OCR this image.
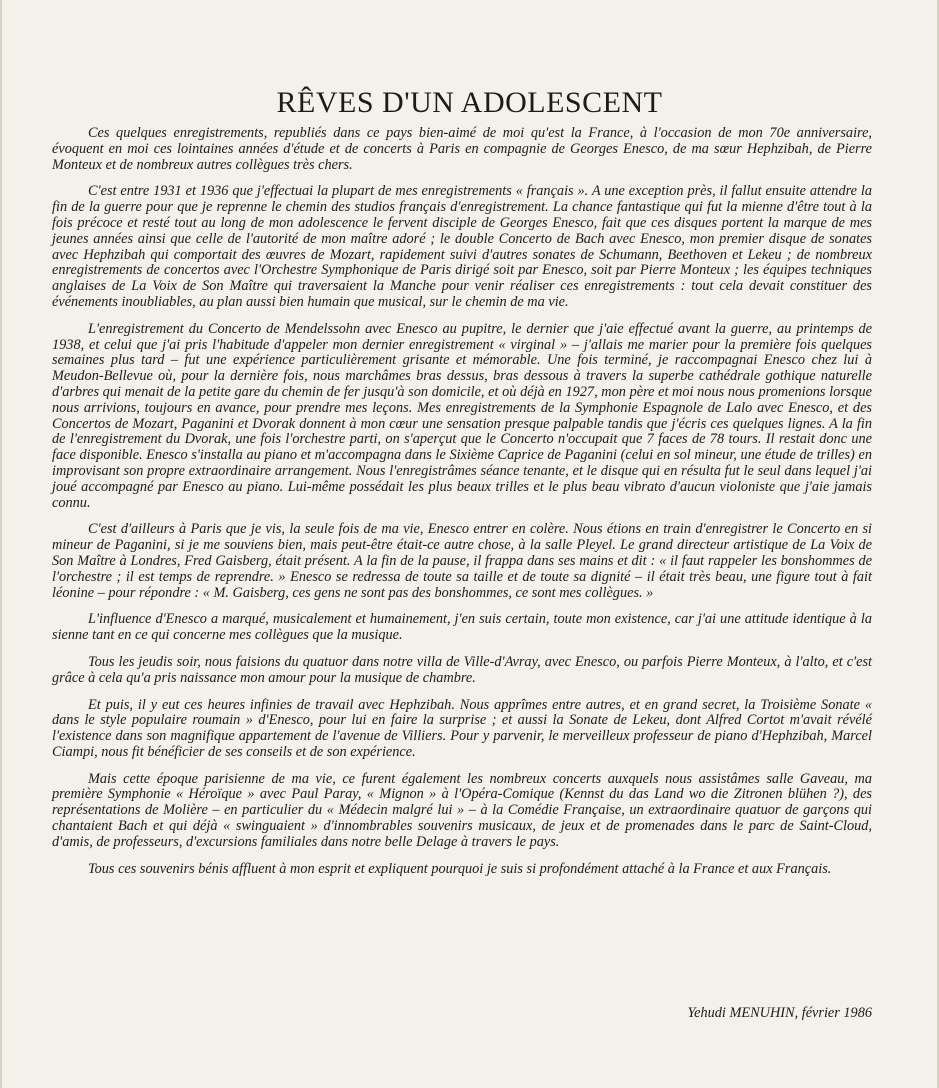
RÊVES D'UN ADOLESCENT

Ces quelques enregistrements, republiés dans ce pays bien-aimé de moi qu'est la France, à l'occasion de mon 70e anniversaire, évoquent en moi ces lointaines années d'étude et de concerts à Paris en compagnie de Georges Enesco, de ma sœur Hephzibah, de Pierre Monteux et de nombreux autres collègues très chers.

C'est entre 1931 et 1936 que j'effectuai la plupart de mes enregistrements « français ». A une exception près, il fallut ensuite attendre la fin de la guerre pour que je reprenne le chemin des studios français d'enregistrement. La chance fantastique qui fut la mienne d'être tout à la fois précoce et resté tout au long de mon adolescence le fervent disciple de Georges Enesco, fait que ces disques portent la marque de mes jeunes années ainsi que celle de l'autorité de mon maître adoré ; le double Concerto de Bach avec Enesco, mon premier disque de sonates avec Hephzibah qui comportait des œuvres de Mozart, rapidement suivi d'autres sonates de Schumann, Beethoven et Lekeu ; de nombreux enregistrements de concertos avec l'Orchestre Symphonique de Paris dirigé soit par Enesco, soit par Pierre Monteux ; les équipes techniques anglaises de La Voix de Son Maître qui traversaient la Manche pour venir réaliser ces enregistrements : tout cela devait constituer des événements inoubliables, au plan aussi bien humain que musical, sur le chemin de ma vie.

L'enregistrement du Concerto de Mendelssohn avec Enesco au pupitre, le dernier que j'aie effectué avant la guerre, au printemps de 1938, et celui que j'ai pris l'habitude d'appeler mon dernier enregistrement « virginal » – j'allais me marier pour la première fois quelques semaines plus tard – fut une expérience particulièrement grisante et mémorable. Une fois terminé, je raccompagnai Enesco chez lui à Meudon-Bellevue où, pour la dernière fois, nous marchâmes bras dessus, bras dessous à travers la superbe cathédrale gothique naturelle d'arbres qui menait de la petite gare du chemin de fer jusqu'à son domicile, et où déjà en 1927, mon père et moi nous nous promenions lorsque nous arrivions, toujours en avance, pour prendre mes leçons. Mes enregistrements de la Symphonie Espagnole de Lalo avec Enesco, et des Concertos de Mozart, Paganini et Dvorak donnent à mon cœur une sensation presque palpable tandis que j'écris ces quelques lignes. A la fin de l'enregistrement du Dvorak, une fois l'orchestre parti, on s'aperçut que le Concerto n'occupait que 7 faces de 78 tours. Il restait donc une face disponible. Enesco s'installa au piano et m'accompagna dans le Sixième Caprice de Paganini (celui en sol mineur, une étude de trilles) en improvisant son propre extraordinaire arrangement. Nous l'enregistrâmes séance tenante, et le disque qui en résulta fut le seul dans lequel j'ai joué accompagné par Enesco au piano. Lui-même possédait les plus beaux trilles et le plus beau vibrato d'aucun violoniste que j'aie jamais connu.

C'est d'ailleurs à Paris que je vis, la seule fois de ma vie, Enesco entrer en colère. Nous étions en train d'enregistrer le Concerto en si mineur de Paganini, si je me souviens bien, mais peut-être était-ce autre chose, à la salle Pleyel. Le grand directeur artistique de La Voix de Son Maître à Londres, Fred Gaisberg, était présent. A la fin de la pause, il frappa dans ses mains et dit : « il faut rappeler les bonshommes de l'orchestre ; il est temps de reprendre. » Enesco se redressa de toute sa taille et de toute sa dignité – il était très beau, une figure tout à fait léonine – pour répondre : « M. Gaisberg, ces gens ne sont pas des bonshommes, ce sont mes collègues. »

L'influence d'Enesco a marqué, musicalement et humainement, j'en suis certain, toute mon existence, car j'ai une attitude identique à la sienne tant en ce qui concerne mes collègues que la musique.

Tous les jeudis soir, nous faisions du quatuor dans notre villa de Ville-d'Avray, avec Enesco, ou parfois Pierre Monteux, à l'alto, et c'est grâce à cela qu'a pris naissance mon amour pour la musique de chambre.

Et puis, il y eut ces heures infinies de travail avec Hephzibah. Nous apprîmes entre autres, et en grand secret, la Troisième Sonate « dans le style populaire roumain » d'Enesco, pour lui en faire la surprise ; et aussi la Sonate de Lekeu, dont Alfred Cortot m'avait révélé l'existence dans son magnifique appartement de l'avenue de Villiers. Pour y parvenir, le merveilleux professeur de piano d'Hephzibah, Marcel Ciampi, nous fit bénéficier de ses conseils et de son expérience.

Mais cette époque parisienne de ma vie, ce furent également les nombreux concerts auxquels nous assistâmes salle Gaveau, ma première Symphonie « Héroïque » avec Paul Paray, « Mignon » à l'Opéra-Comique (Kennst du das Land wo die Zitronen blühen ?), des représentations de Molière – en particulier du « Médecin malgré lui » – à la Comédie Française, un extraordinaire quatuor de garçons qui chantaient Bach et qui déjà « swinguaient » d'innombrables souvenirs musicaux, de jeux et de promenades dans le parc de Saint-Cloud, d'amis, de professeurs, d'excursions familiales dans notre belle Delage à travers le pays.

Tous ces souvenirs bénis affluent à mon esprit et expliquent pourquoi je suis si profondément attaché à la France et aux Français.

Yehudi MENUHIN, février 1986
